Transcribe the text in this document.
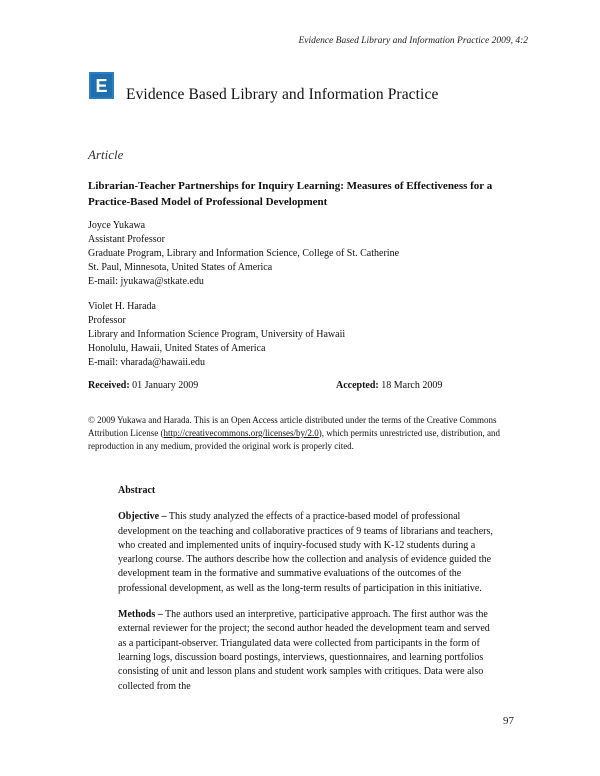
Evidence Based Library and Information Practice 2009, 4:2
E Evidence Based Library and Information Practice
Article
Librarian-Teacher Partnerships for Inquiry Learning: Measures of Effectiveness for a Practice-Based Model of Professional Development
Joyce Yukawa
Assistant Professor
Graduate Program, Library and Information Science, College of St. Catherine
St. Paul, Minnesota, United States of America
E-mail: jyukawa@stkate.edu
Violet H. Harada
Professor
Library and Information Science Program, University of Hawaii
Honolulu, Hawaii, United States of America
E-mail: vharada@hawaii.edu
Received: 01 January 2009	Accepted: 18 March 2009
© 2009 Yukawa and Harada. This is an Open Access article distributed under the terms of the Creative Commons Attribution License (http://creativecommons.org/licenses/by/2.0), which permits unrestricted use, distribution, and reproduction in any medium, provided the original work is properly cited.
Abstract

Objective – This study analyzed the effects of a practice-based model of professional development on the teaching and collaborative practices of 9 teams of librarians and teachers, who created and implemented units of inquiry-focused study with K-12 students during a yearlong course. The authors describe how the collection and analysis of evidence guided the development team in the formative and summative evaluations of the outcomes of the professional development, as well as the long-term results of participation in this initiative.

Methods – The authors used an interpretive, participative approach. The first author was the external reviewer for the project; the second author headed the development team and served as a participant-observer. Triangulated data were collected from participants in the form of learning logs, discussion board postings, interviews, questionnaires, and learning portfolios consisting of unit and lesson plans and student work samples with critiques. Data were also collected from the

97
